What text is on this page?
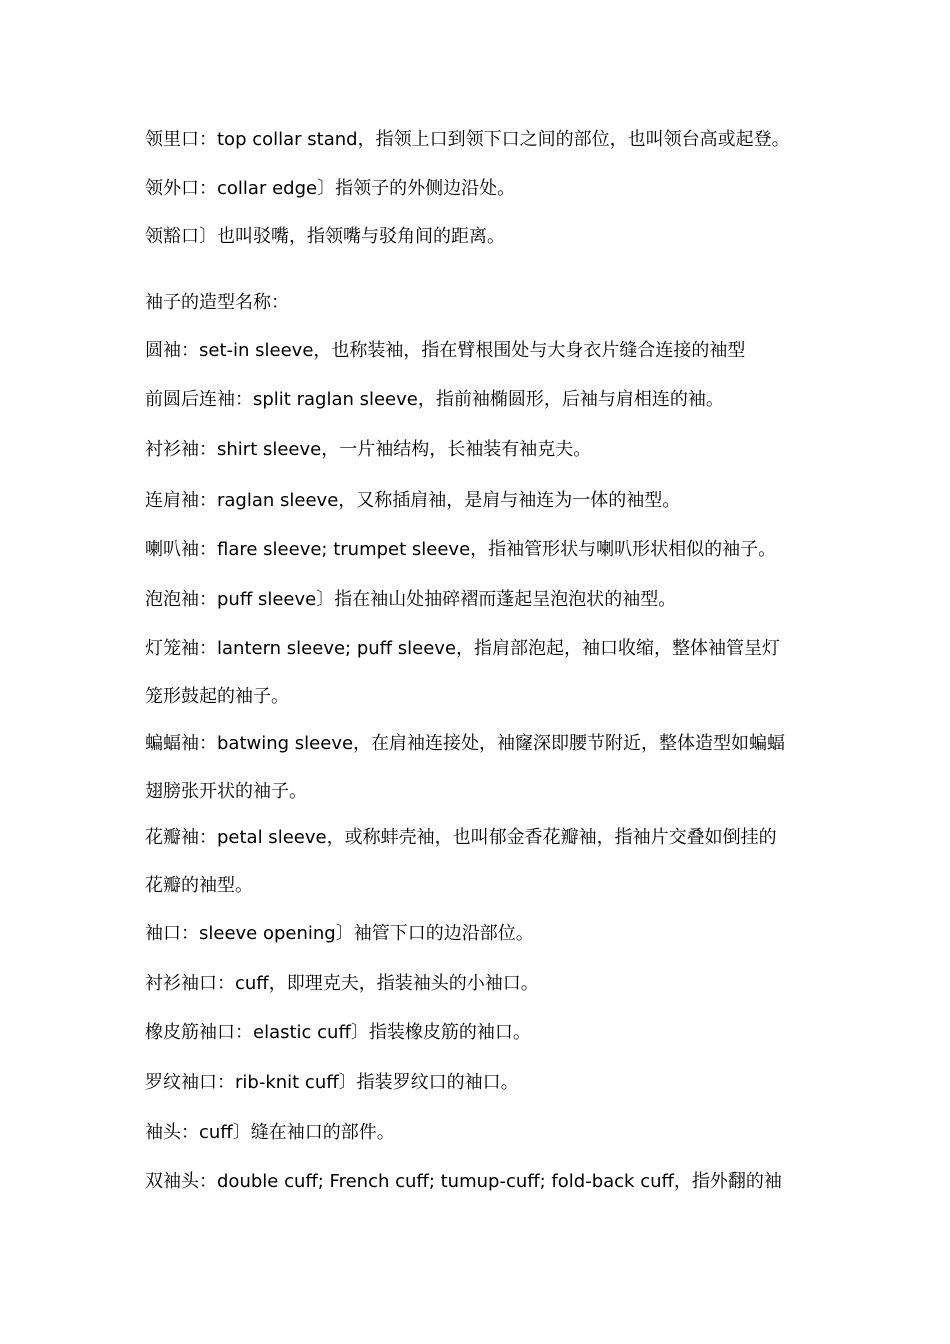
领里口：top collar stand，指领上口到领下口之间的部位，也叫领台高或起登。
领外口：collar edge〕指领子的外侧边沿处。
领豁口〕也叫驳嘴，指领嘴与驳角间的距离。
袖子的造型名称：
圆袖：set-in sleeve，也称装袖，指在臂根围处与大身衣片缝合连接的袖型
前圆后连袖：split raglan sleeve，指前袖椭圆形，后袖与肩相连的袖。
衬衫袖：shirt sleeve，一片袖结构，长袖装有袖克夫。
连肩袖：raglan sleeve，又称插肩袖，是肩与袖连为一体的袖型。
喇叭袖：flare sleeve; trumpet sleeve，指袖管形状与喇叭形状相似的袖子。
泡泡袖：puff sleeve〕指在袖山处抽碎褶而蓬起呈泡泡状的袖型。
灯笼袖：lantern sleeve; puff sleeve，指肩部泡起，袖口收缩，整体袖管呈灯
笼形鼓起的袖子。
蝙蝠袖：batwing sleeve，在肩袖连接处，袖窿深即腰节附近，整体造型如蝙蝠
翅膀张开状的袖子。
花瓣袖：petal sleeve，或称蚌壳袖，也叫郁金香花瓣袖，指袖片交叠如倒挂的
花瓣的袖型。
袖口：sleeve opening〕袖管下口的边沿部位。
衬衫袖口：cuff，即理克夫，指装袖头的小袖口。
橡皮筋袖口：elastic cuff〕指装橡皮筋的袖口。
罗纹袖口：rib-knit cuff〕指装罗纹口的袖口。
袖头：cuff〕缝在袖口的部件。
双袖头：double cuff; French cuff; tumup-cuff; fold-back cuff，指外翻的袖
